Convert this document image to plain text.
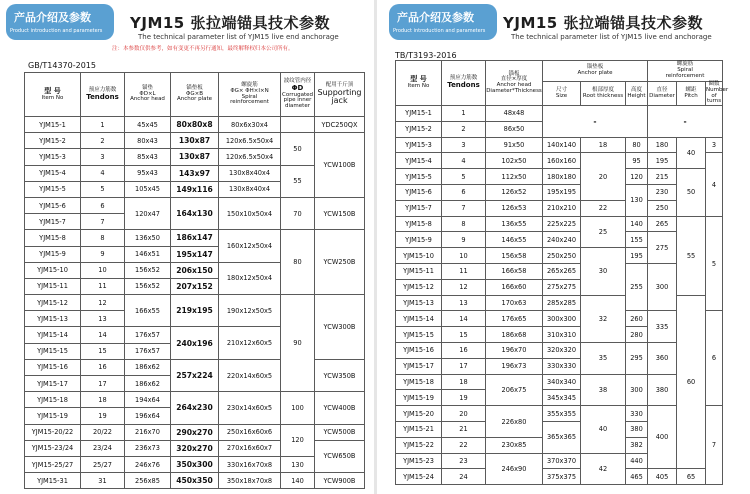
产品介绍及参数
Product introduction and parameters YJM15 张拉端锚具技术参数
The technical parameter list of YJM15 live end anchorage
注：本参数仅供参考，如有变更不再另行通知，最终解释权归本公司所有。
GB/T14370-2015
型 号
Item No	预应力筋数
Tendons	锚垫
ΦD×L
Anchor head	锚垫板
ΦG×B
Anchor plate	螺旋筋
ΦG× ΦH×I×N
Spiral
reinforcement	波纹管内径
ΦD
Corrugated
pipe inner
diameter	配用千斤顶
Supporting
jack
YJM15-1	1	45x45	80x80x8	80x6x30x4		YDC250QX
YJM15-2	2	80x43	130x87	120x6.5x50x4	50	YCW100B
YJM15-3	3	85x43	130x87	120x6.5x50x4		
YJM15-4	4	95x43	143x97	130x8x40x4	55	
YJM15-5	5	105x45	149x116	130x8x40x4		
YJM15-6	6	120x47	164x130	150x10x50x4	70	YCW150B
YJM15-7	7					
YJM15-8	8	136x50	186x147	160x12x50x4	80	YCW250B
YJM15-9	9	146x51	195x147			
YJM15-10	10	156x52	206x150	180x12x50x4		
YJM15-11	11	156x52	207x152			
YJM15-12	12	166x55	219x195	190x12x50x5	90	YCW300B
YJM15-13	13					
YJM15-14	14	176x57	240x196	210x12x60x5		
YJM15-15	15	176x57				
YJM15-16	16	186x62	257x224	220x14x60x5		YCW350B
YJM15-17	17	186x62				
YJM15-18	18	194x64	264x230	230x14x60x5	100	YCW400B
YJM15-19	19	196x64				
YJM15-20/22	20/22	216x70	290x270	250x16x60x6	120	YCW500B
YJM15-23/24	23/24	236x73	320x270	270x16x60x7		YCW650B
YJM15-25/27	25/27	246x76	350x300	330x16x70x8	130	
YJM15-31	31	256x85	450x350	350x18x70x8	140	YCW900B
产品介绍及参数
Product introduction and parameters YJM15 张拉端锚具技术参数
The technical parameter list of YJM15 live end anchorage
TB/T3193-2016
型 号
Item No	预应力筋数
Tendons	锚板
直径×厚度
Anchor head
Diameter*Thickness	锚垫板
Anchor plate			螺旋筋
Spiral
reinforcement		
			尺寸
Size	根部厚度
Root thickness	高度
Height	直径
Diameter	螺距
Pitch	圈数
Number
of turns
YJM15-1	1	48x48	-			-		
YJM15-2	2	86x50						
YJM15-3	3	91x50	140x140	18	80	180	40	3
YJM15-4	4	102x50	160x160	20	95	195		4
YJM15-5	5	112x50	180x180		120	215	50	
YJM15-6	6	126x52	195x195		130	230		
YJM15-7	7	126x53	210x210	22		250		
YJM15-8	8	136x55	225x225	25	140	265	55	5
YJM15-9	9	146x55	240x240		155	275		
YJM15-10	10	156x58	250x250	30	195			
YJM15-11	11	166x58	265x265		255	300		
YJM15-12	12	166x60	275x275					
YJM15-13	13	170x63	285x285	32			60	
YJM15-14	14	176x65	300x300		260	335		6
YJM15-15	15	186x68	310x310		280			
YJM15-16	16	196x70	320x320	35	295	360		
YJM15-17	17	196x73	330x330					
YJM15-18	18	206x75	340x340	38	300	380		
YJM15-19	19		345x345					
YJM15-20	20	226x80	355x355	40	330	400		7
YJM15-21	21		365x365		380			
YJM15-22	22	230x85			382			
YJM15-23	23	246x90	370x370	42	440			
YJM15-24	24		375x375		465	405	65	
